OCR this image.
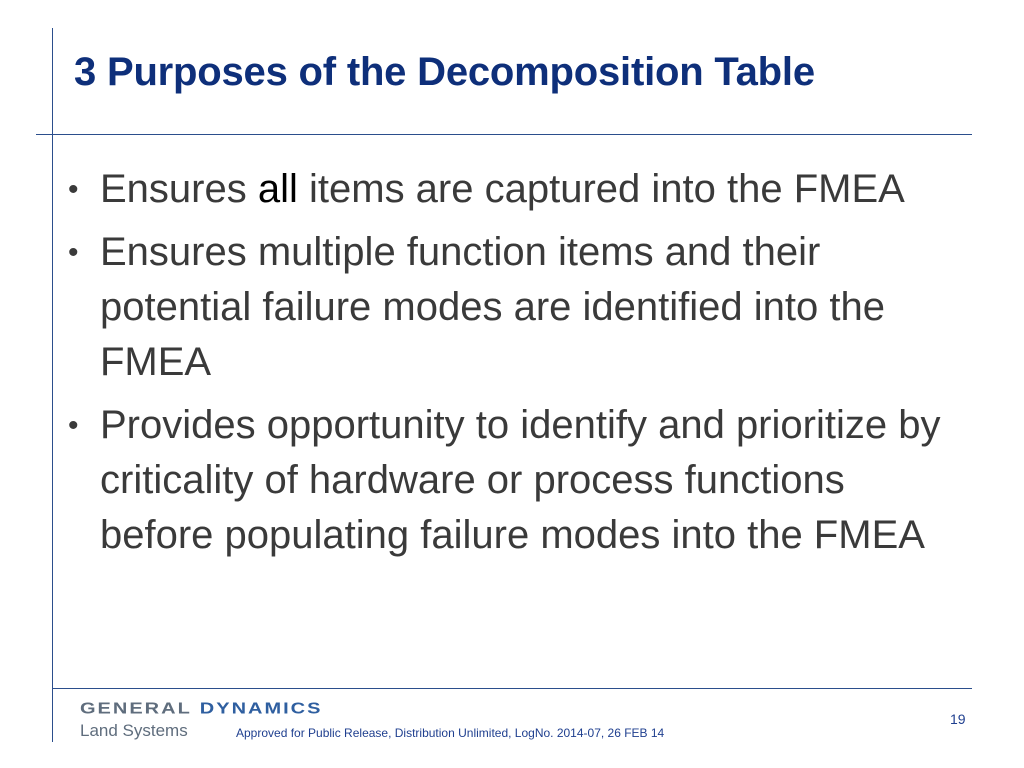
3 Purposes of the Decomposition Table
• Ensures all items are captured into the FMEA
• Ensures multiple function items and their potential failure modes are identified into the FMEA
• Provides opportunity to identify and prioritize by criticality of hardware or process functions before populating failure modes into the FMEA
GENERAL DYNAMICS
Land Systems	Approved for Public Release, Distribution Unlimited, LogNo. 2014-07, 26 FEB 14
19
